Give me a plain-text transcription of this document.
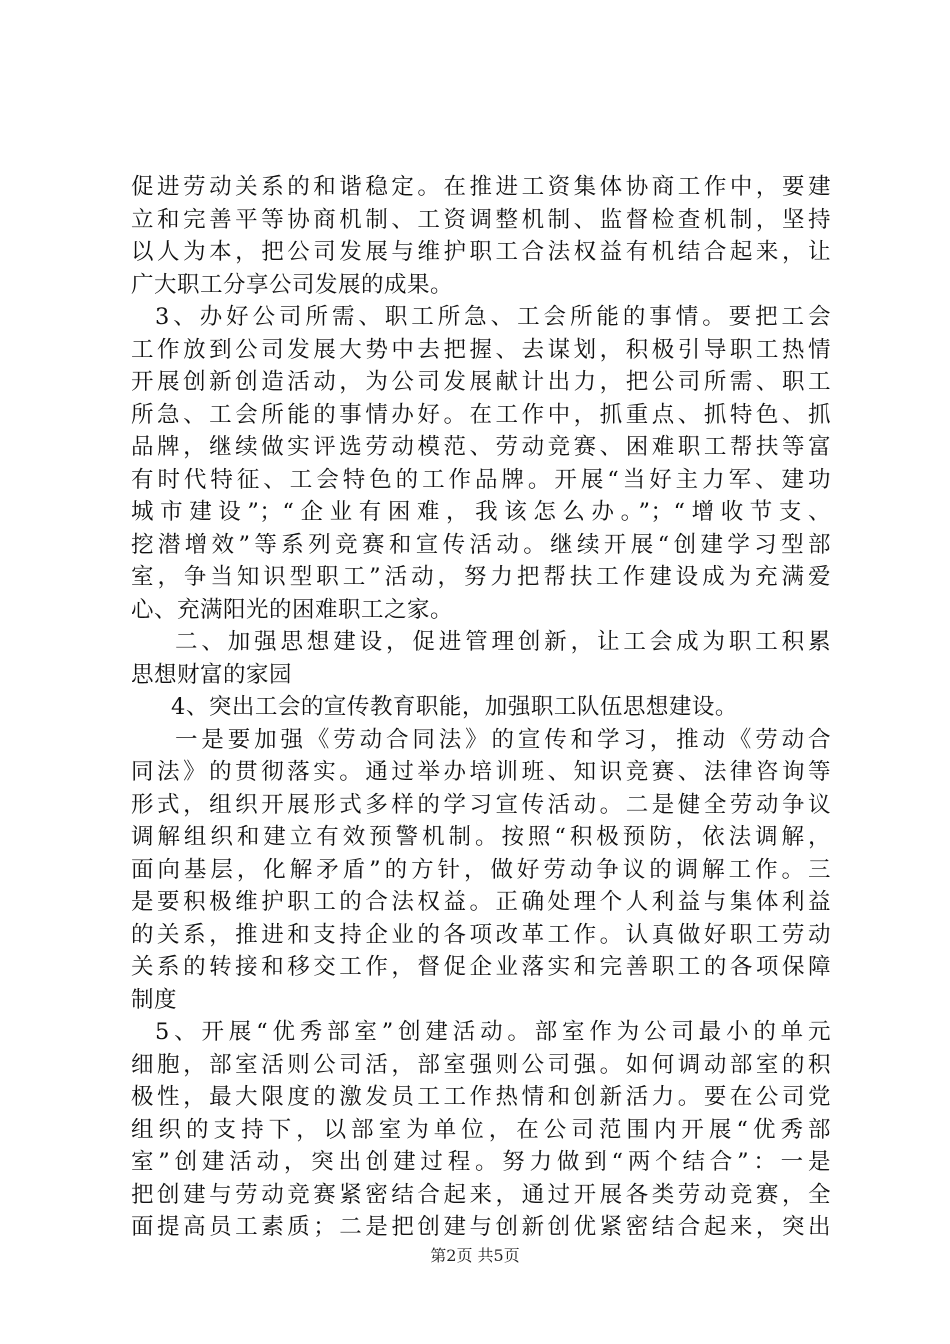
促进劳动关系的和谐稳定。在推进工资集体协商工作中，要建
立和完善平等协商机制、工资调整机制、监督检查机制，坚持
以人为本，把公司发展与维护职工合法权益有机结合起来，让
广大职工分享公司发展的成果。
3、办好公司所需、职工所急、工会所能的事情。要把工会
工作放到公司发展大势中去把握、去谋划，积极引导职工热情
开展创新创造活动，为公司发展献计出力，把公司所需、职工
所急、工会所能的事情办好。在工作中，抓重点、抓特色、抓
品牌，继续做实评选劳动模范、劳动竞赛、困难职工帮扶等富
有时代特征、工会特色的工作品牌。开展“当好主力军、建功
城市建设”；“企业有困难，我该怎么办。”；“增收节支、
挖潜增效”等系列竞赛和宣传活动。继续开展“创建学习型部
室，争当知识型职工”活动，努力把帮扶工作建设成为充满爱
心、充满阳光的困难职工之家。
二、加强思想建设，促进管理创新，让工会成为职工积累
思想财富的家园
4、突出工会的宣传教育职能，加强职工队伍思想建设。
一是要加强《劳动合同法》的宣传和学习，推动《劳动合
同法》的贯彻落实。通过举办培训班、知识竞赛、法律咨询等
形式，组织开展形式多样的学习宣传活动。二是健全劳动争议
调解组织和建立有效预警机制。按照“积极预防，依法调解，
面向基层，化解矛盾”的方针，做好劳动争议的调解工作。三
是要积极维护职工的合法权益。正确处理个人利益与集体利益
的关系，推进和支持企业的各项改革工作。认真做好职工劳动
关系的转接和移交工作，督促企业落实和完善职工的各项保障
制度
5、开展“优秀部室”创建活动。部室作为公司最小的单元
细胞，部室活则公司活，部室强则公司强。如何调动部室的积
极性，最大限度的激发员工工作热情和创新活力。要在公司党
组织的支持下，以部室为单位，在公司范围内开展“优秀部
室”创建活动，突出创建过程。努力做到“两个结合”：一是
把创建与劳动竞赛紧密结合起来，通过开展各类劳动竞赛，全
面提高员工素质；二是把创建与创新创优紧密结合起来，突出
第2页 共5页
